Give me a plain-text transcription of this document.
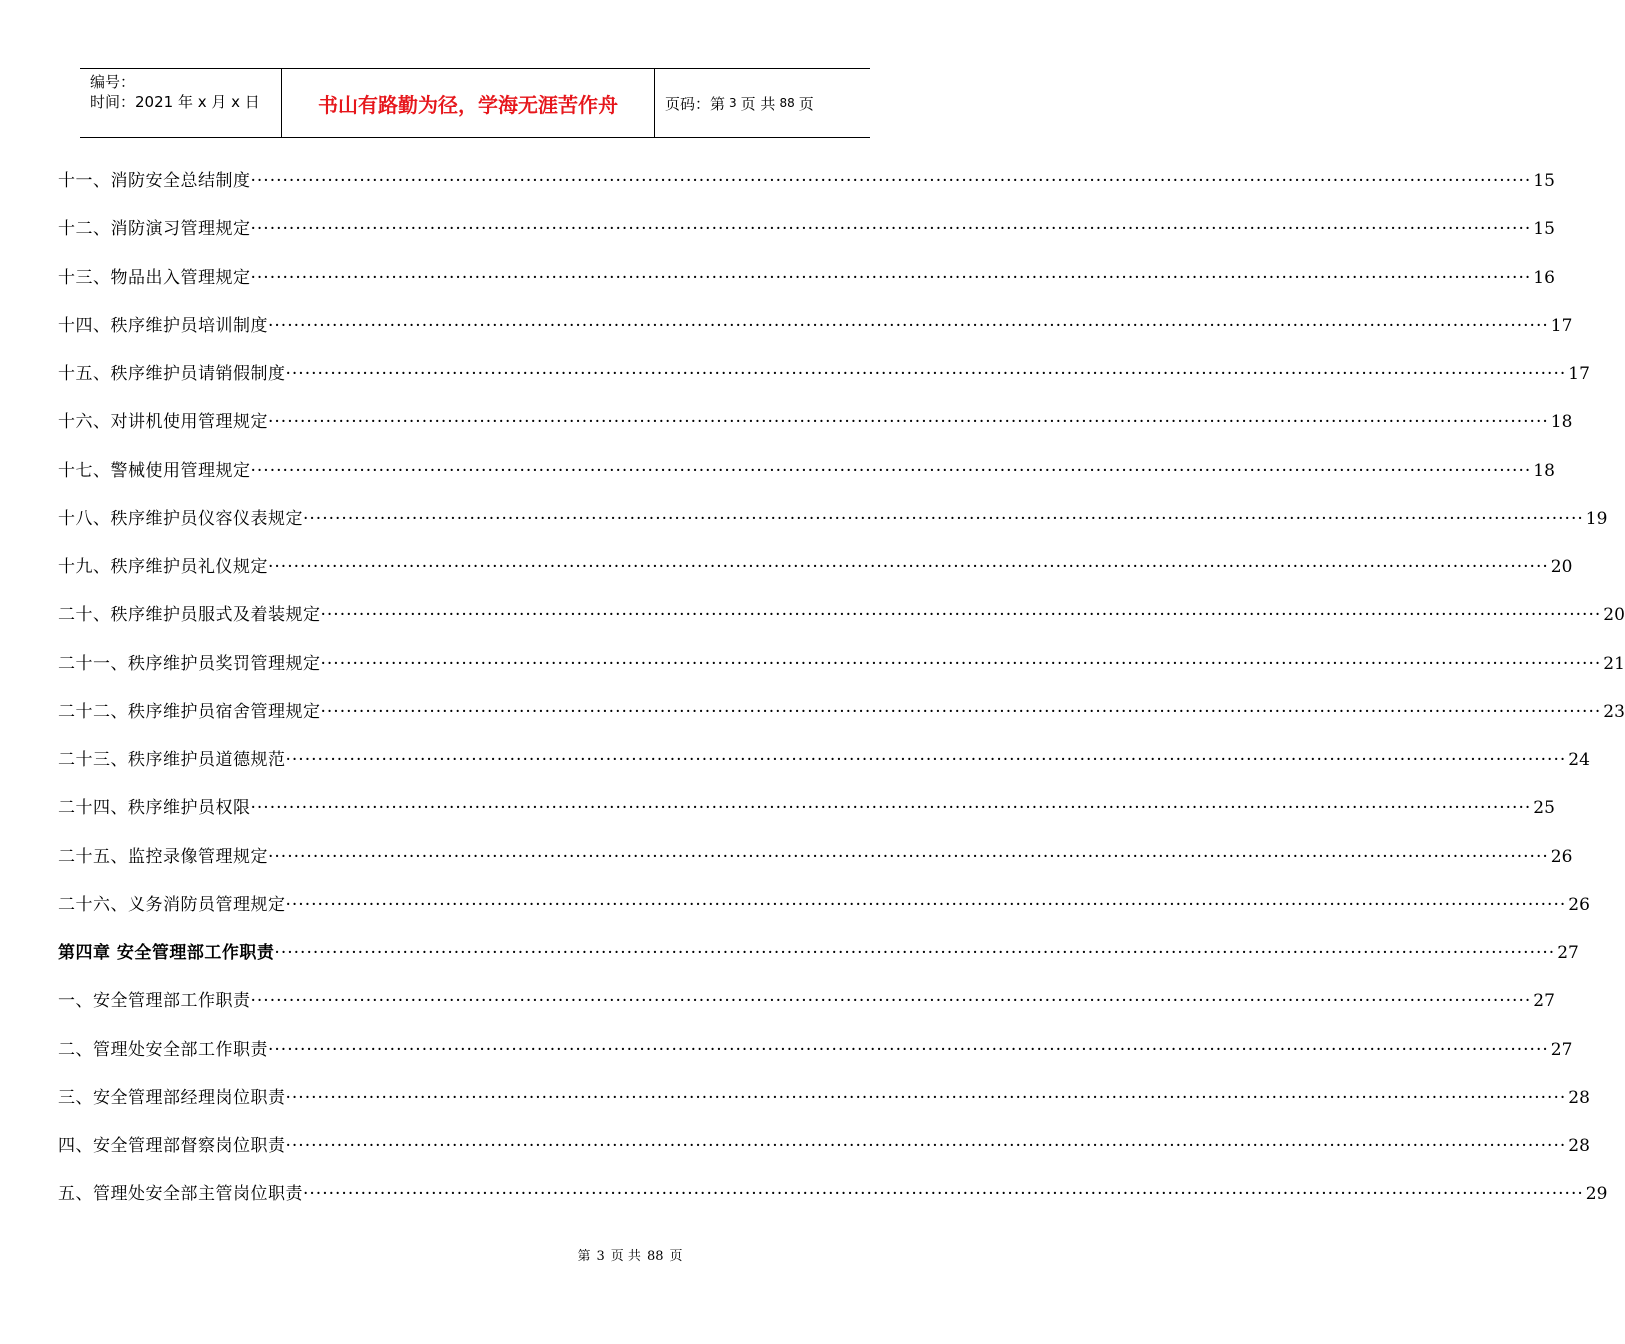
编号：
时间：2021 年 x 月 x 日	书山有路勤为径，学海无涯苦作舟	页码：第 3 页 共 88 页
十一、消防安全总结制度 ········································································································································································································ 15
十二、消防演习管理规定 ········································································································································································································ 15
十三、物品出入管理规定 ········································································································································································································ 16
十四、秩序维护员培训制度 ········································································································································································································ 17
十五、秩序维护员请销假制度 ········································································································································································································ 17
十六、对讲机使用管理规定 ········································································································································································································ 18
十七、警械使用管理规定 ········································································································································································································ 18
十八、秩序维护员仪容仪表规定 ········································································································································································································ 19
十九、秩序维护员礼仪规定 ········································································································································································································ 20
二十、秩序维护员服式及着装规定 ········································································································································································································ 20
二十一、秩序维护员奖罚管理规定 ········································································································································································································ 21
二十二、秩序维护员宿舍管理规定 ········································································································································································································ 23
二十三、秩序维护员道德规范 ········································································································································································································ 24
二十四、秩序维护员权限 ········································································································································································································ 25
二十五、监控录像管理规定 ········································································································································································································ 26
二十六、义务消防员管理规定 ········································································································································································································ 26
第四章 安全管理部工作职责 ········································································································································································································ 27
一、安全管理部工作职责 ········································································································································································································ 27
二、管理处安全部工作职责 ········································································································································································································ 27
三、安全管理部经理岗位职责 ········································································································································································································ 28
四、安全管理部督察岗位职责 ········································································································································································································ 28
五、管理处安全部主管岗位职责 ········································································································································································································ 29
第 3 页 共 88 页
